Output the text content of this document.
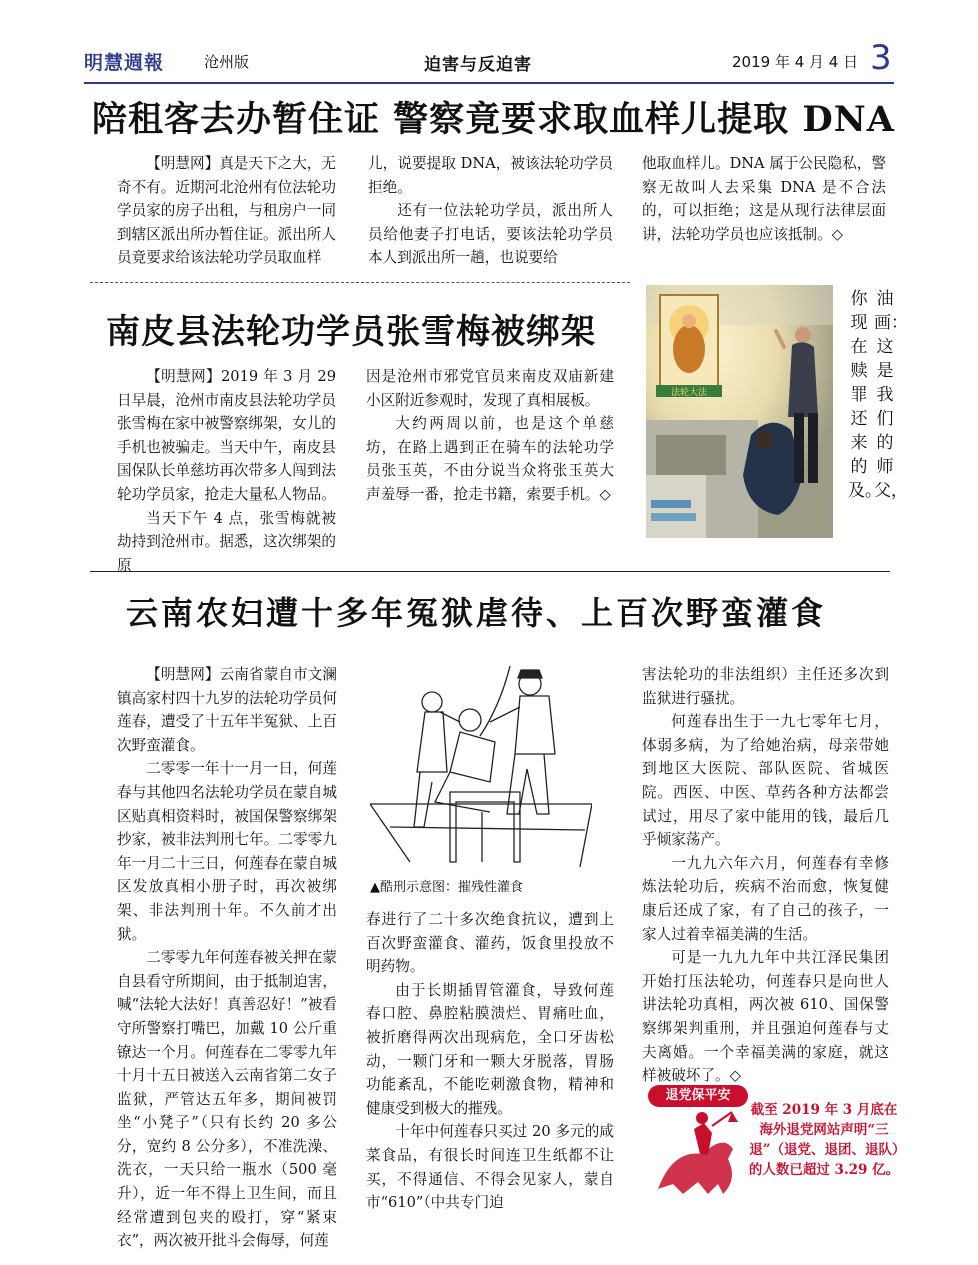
明慧週報	沧州版	迫害与反迫害	2019 年 4 月 4 日 3
陪租客去办暂住证 警察竟要求取血样儿提取 DNA

【明慧网】真是天下之大，无奇不有。近期河北沧州有位法轮功学员家的房子出租，与租房户一同到辖区派出所办暂住证。派出所人员竟要求给该法轮功学员取血样

儿，说要提取 DNA，被该法轮功学员拒绝。

还有一位法轮功学员，派出所人员给他妻子打电话，要该法轮功学员本人到派出所一趟，也说要给

他取血样儿。DNA 属于公民隐私，警察无故叫人去采集 DNA 是不合法的，可以拒绝；这是从现行法律层面讲，法轮功学员也应该抵制。◇

南皮县法轮功学员张雪梅被绑架

【明慧网】2019 年 3 月 29 日早晨，沧州市南皮县法轮功学员张雪梅在家中被警察绑架，女儿的手机也被骗走。当天中午，南皮县国保队长单慈坊再次带多人闯到法轮功学员家，抢走大量私人物品。

当天下午 4 点，张雪梅就被劫持到沧州市。据悉，这次绑架的原

因是沧州市邪党官员来南皮双庙新建小区附近参观时，发现了真相展板。

大约两周以前，也是这个单慈坊，在路上遇到正在骑车的法轮功学员张玉英，不由分说当众将张玉英大声羞辱一番，抢走书籍，索要手机。◇

法轮大法
油画：这是我们的师父，
你现在赎罪还来的及。
云南农妇遭十多年冤狱虐待、上百次野蛮灌食

【明慧网】云南省蒙自市文澜镇高家村四十九岁的法轮功学员何莲春，遭受了十五年半冤狱、上百次野蛮灌食。

二零零一年十一月一日，何莲春与其他四名法轮功学员在蒙自城区贴真相资料时，被国保警察绑架抄家，被非法判刑七年。二零零九年一月二十三日，何莲春在蒙自城区发放真相小册子时，再次被绑架、非法判刑十年。不久前才出狱。

二零零九年何莲春被关押在蒙自县看守所期间，由于抵制迫害，喊“法轮大法好！真善忍好！”被看守所警察打嘴巴，加戴 10 公斤重镣达一个月。何莲春在二零零九年十月十五日被送入云南省第二女子监狱，严管达五年多，期间被罚坐“小凳子”（只有长约 20 多公分，宽约 8 公分多），不准洗澡、洗衣，一天只给一瓶水（500 毫升），近一年不得上卫生间，而且经常遭到包夹的殴打，穿“紧束衣”，两次被开批斗会侮辱，何莲

▲酷刑示意图：摧残性灌食

春进行了二十多次绝食抗议，遭到上百次野蛮灌食、灌药，饭食里投放不明药物。

由于长期插胃管灌食，导致何莲春口腔、鼻腔粘膜溃烂、胃痛吐血，被折磨得两次出现病危，全口牙齿松动，一颗门牙和一颗大牙脱落，胃肠功能紊乱，不能吃刺激食物，精神和健康受到极大的摧残。

十年中何莲春只买过 20 多元的咸菜食品，有很长时间连卫生纸都不让买，不得通信、不得会见家人，蒙自市“610”（中共专门迫

害法轮功的非法组织）主任还多次到监狱进行骚扰。

何莲春出生于一九七零年七月，体弱多病，为了给她治病，母亲带她到地区大医院、部队医院、省城医院。西医、中医、草药各种方法都尝试过，用尽了家中能用的钱，最后几乎倾家荡产。

一九九六年六月，何莲春有幸修炼法轮功后，疾病不治而愈，恢复健康后还成了家，有了自己的孩子，一家人过着幸福美满的生活。

可是一九九九年中共江泽民集团开始打压法轮功，何莲春只是向世人讲法轮功真相，两次被 610、国保警察绑架判重刑，并且强迫何莲春与丈夫离婚。一个幸福美满的家庭，就这样被破坏了。◇

退党保平安
截至 2019 年 3 月底在海外退党网站声明“三退”（退党、退团、退队）的人数已超过 3.29 亿。
